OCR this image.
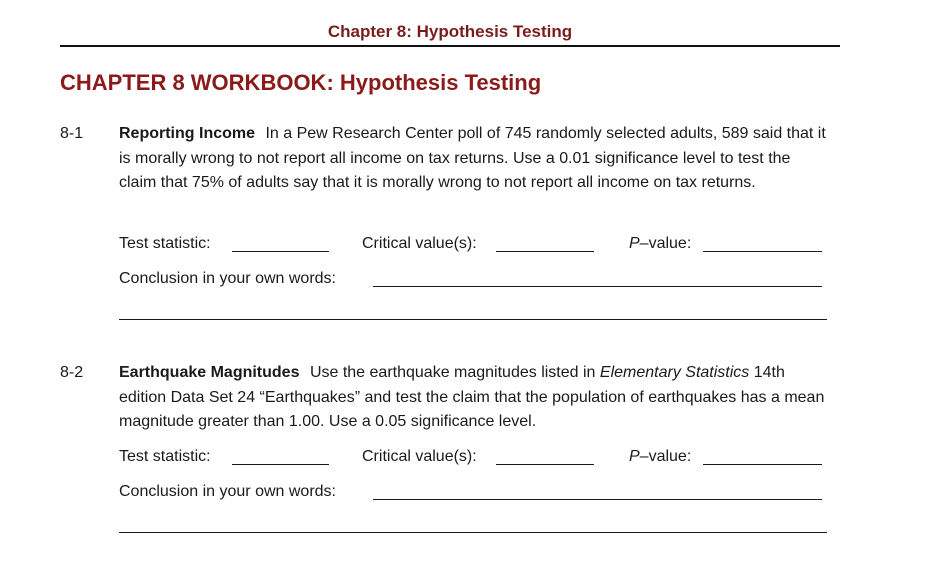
Chapter 8: Hypothesis Testing
CHAPTER 8 WORKBOOK: Hypothesis Testing
8-1 Reporting Income In a Pew Research Center poll of 745 randomly selected adults, 589 said that it is morally wrong to not report all income on tax returns. Use a 0.01 significance level to test the claim that 75% of adults say that it is morally wrong to not report all income on tax returns.
Test statistic:	Critical value(s):	P–value:
Conclusion in your own words:
8-2 Earthquake Magnitudes Use the earthquake magnitudes listed in Elementary Statistics 14th edition Data Set 24 “Earthquakes” and test the claim that the population of earthquakes has a mean magnitude greater than 1.00. Use a 0.05 significance level.
Test statistic:	Critical value(s):	P–value:
Conclusion in your own words:
